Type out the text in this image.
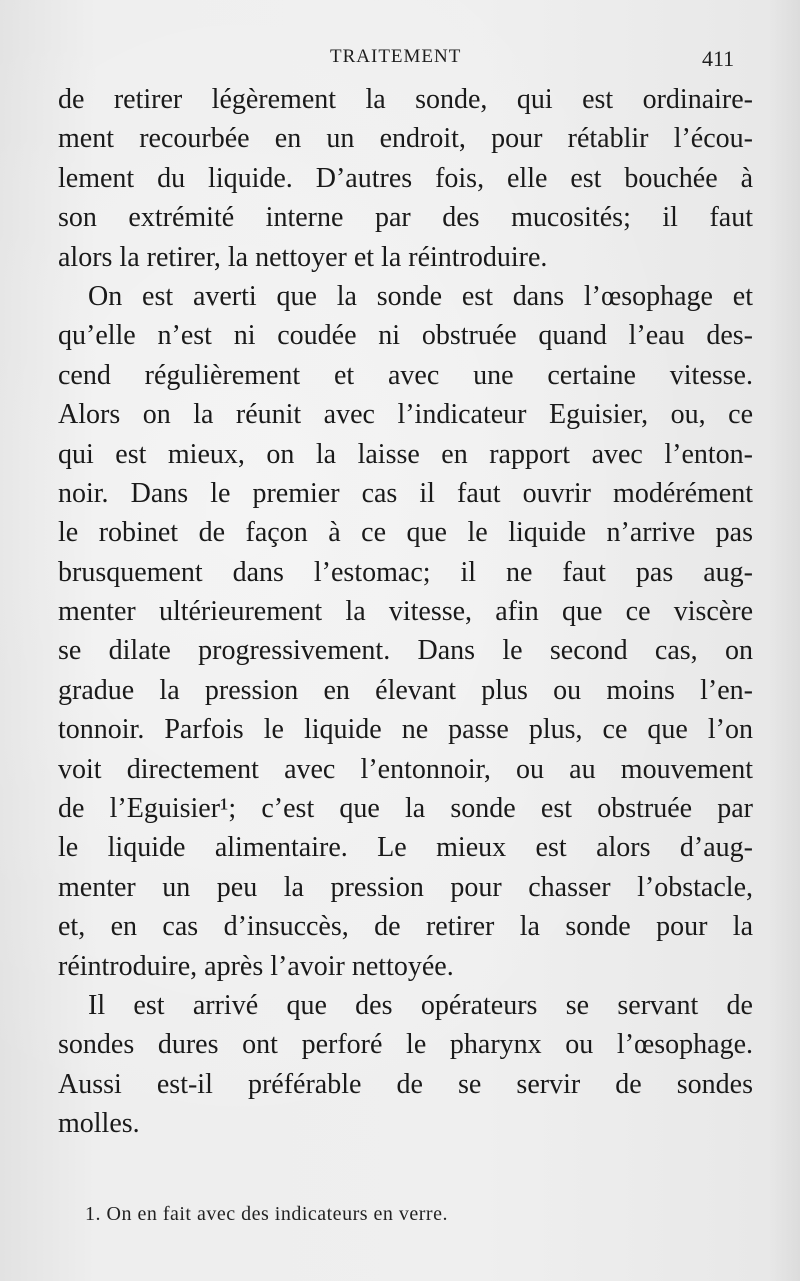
TRAITEMENT	411
de retirer légèrement la sonde, qui est ordinaire-
ment recourbée en un endroit, pour rétablir l’écou-
lement du liquide. D’autres fois, elle est bouchée à
son extrémité interne par des mucosités; il faut
alors la retirer, la nettoyer et la réintroduire.
On est averti que la sonde est dans l’œsophage et
qu’elle n’est ni coudée ni obstruée quand l’eau des-
cend régulièrement et avec une certaine vitesse.
Alors on la réunit avec l’indicateur Eguisier, ou, ce
qui est mieux, on la laisse en rapport avec l’enton-
noir. Dans le premier cas il faut ouvrir modérément
le robinet de façon à ce que le liquide n’arrive pas
brusquement dans l’estomac; il ne faut pas aug-
menter ultérieurement la vitesse, afin que ce viscère
se dilate progressivement. Dans le second cas, on
gradue la pression en élevant plus ou moins l’en-
tonnoir. Parfois le liquide ne passe plus, ce que l’on
voit directement avec l’entonnoir, ou au mouvement
de l’Eguisier¹; c’est que la sonde est obstruée par
le liquide alimentaire. Le mieux est alors d’aug-
menter un peu la pression pour chasser l’obstacle,
et, en cas d’insuccès, de retirer la sonde pour la
réintroduire, après l’avoir nettoyée.
Il est arrivé que des opérateurs se servant de
sondes dures ont perforé le pharynx ou l’œsophage.
Aussi est-il préférable de se servir de sondes
molles.
1. On en fait avec des indicateurs en verre.
